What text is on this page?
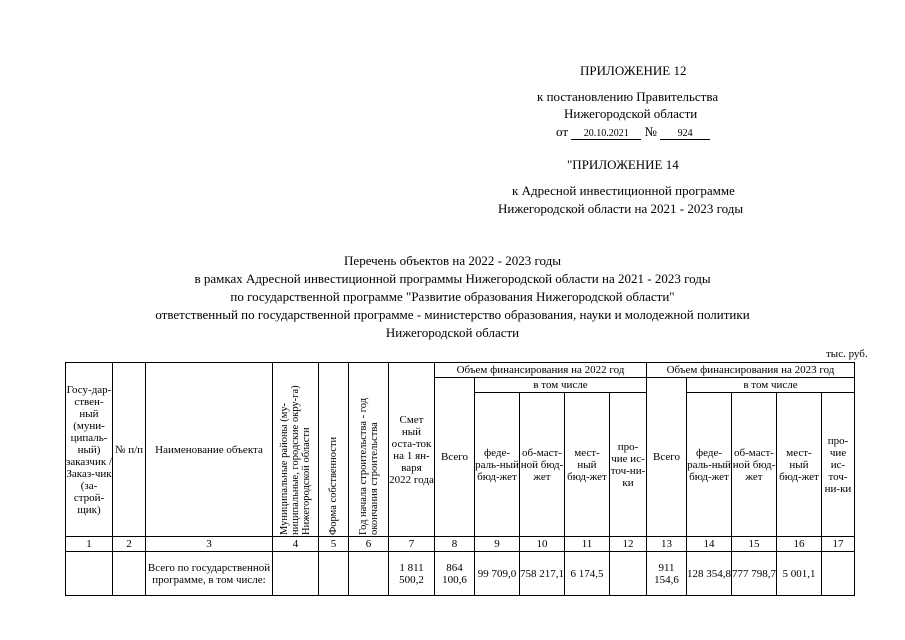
ПРИЛОЖЕНИЕ 12
к постановлению Правительства
Нижегородской области
от 20.10.2021 № 924
"ПРИЛОЖЕНИЕ 14
к Адресной инвестиционной программе
Нижегородской области на 2021 - 2023 годы
Перечень объектов на 2022 - 2023 годы
в рамках Адресной инвестиционной программы Нижегородской области на 2021 - 2023 годы
по государственной программе "Развитие образования Нижегородской области"
ответственный по государственной программе - министерство образования, науки и молодежной политики
Нижегородской области
тыс. руб.
Госу-дар-ствен-ный (муни-ципаль-ный) заказчик / Заказ-чик (за-строй-щик)	№ п/п	Наименование объекта	Муниципальные районы (му-ниципальные, городские окру-га) Нижегородской области	Форма собственности	Год начала строительства - год окончания строительства	Смет ный оста-ток на 1 ян-варя 2022 года	Объем финансирования на 2022 год					Объем финансирования на 2023 год				
							Всего	в том числе				Всего	в том числе			
								феде-раль-ный бюд-жет	об-маст-ной бюд-жет	мест-ный бюд-жет	про-чие ис-точ-ни-ки		феде-раль-ный бюд-жет	об-маст-ной бюд-жет	мест-ный бюд-жет	про-чие ис-точ-ни-ки
1	2	3	4	5	6	7	8	9	10	11	12	13	14	15	16	17
		Всего по государственной программе, в том числе:				1 811 500,2	864 100,6	99 709,0	758 217,1	6 174,5		911 154,6	128 354,8	777 798,7	5 001,1	
